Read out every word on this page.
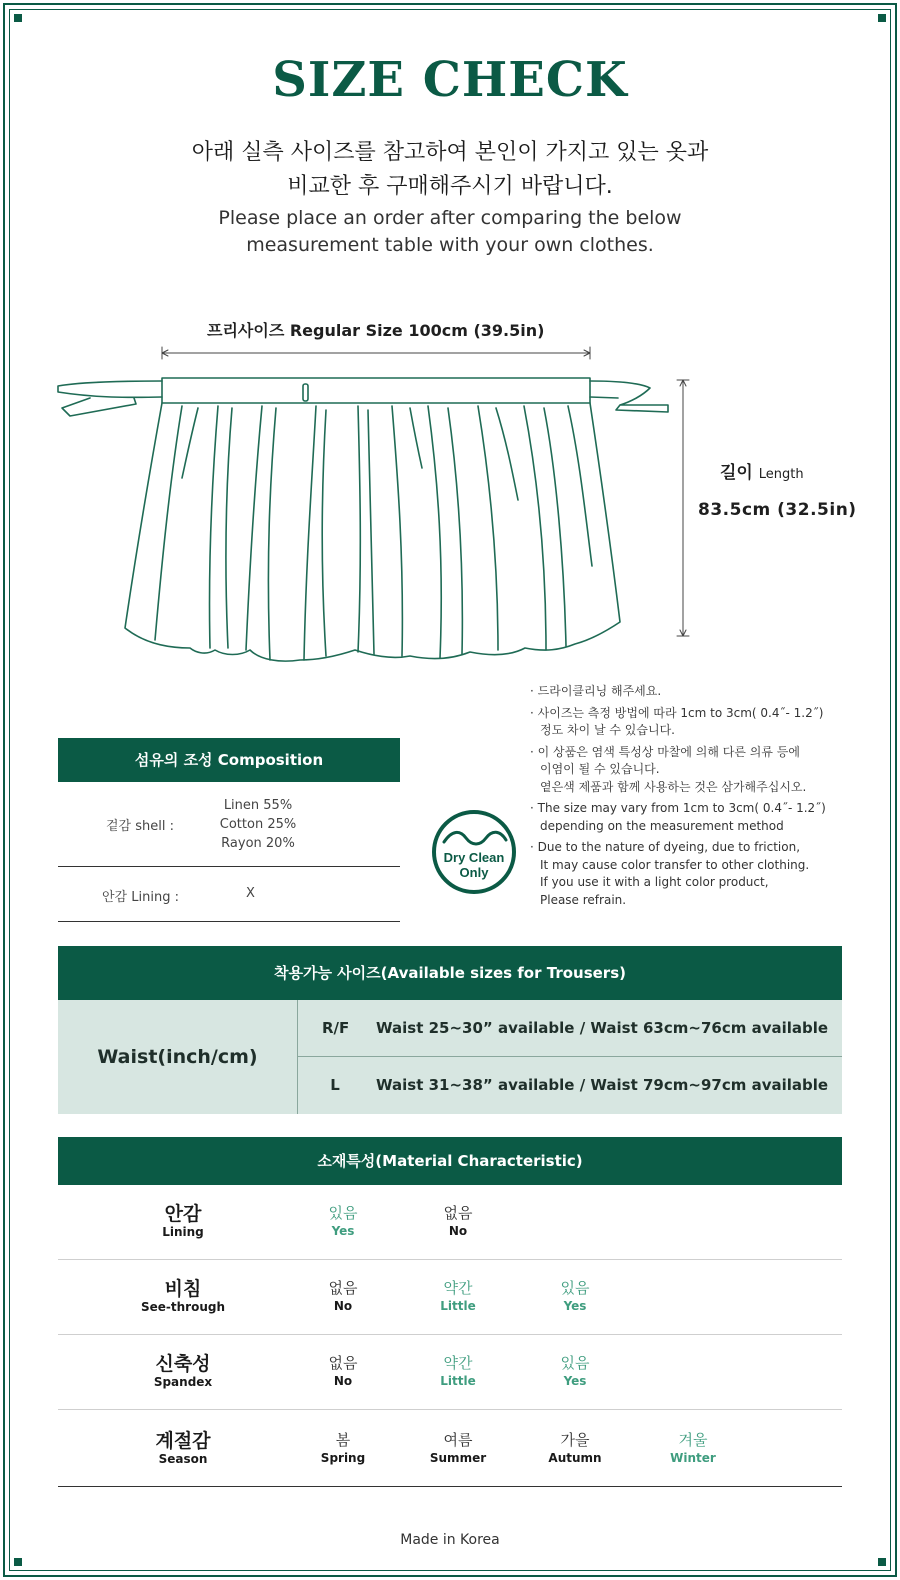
SIZE CHECK
아래 실측 사이즈를 참고하여 본인이 가지고 있는 옷과
비교한 후 구매해주시기 바랍니다.
Please place an order after comparing the below
measurement table with your own clothes.
프리사이즈 Regular Size 100cm (39.5in)
길이 Length
83.5cm (32.5in)
· 드라이클리닝 해주세요.
· 사이즈는 측정 방법에 따라 1cm to 3cm( 0.4˝- 1.2˝)
정도 차이 날 수 있습니다.
· 이 상품은 염색 특성상 마찰에 의해 다른 의류 등에
이염이 될 수 있습니다.
옅은색 제품과 함께 사용하는 것은 삼가해주십시오.
· The size may vary from 1cm to 3cm( 0.4˝- 1.2˝)
depending on the measurement method
· Due to the nature of dyeing, due to friction,
It may cause color transfer to other clothing.
If you use it with a light color product,
Please refrain.
섬유의 조성 Composition
겉감 shell :
Linen 55%
Cotton 25%
Rayon 20%
안감 Lining :	X
Dry Clean
Only
착용가능 사이즈(Available sizes for Trousers)
Waist(inch/cm)
R/F Waist 25~30” available / Waist 63cm~76cm available
L	Waist 31~38” available / Waist 79cm~97cm available
소재특성(Material Characteristic)
안감
Lining
있음
Yes
없음
No
비침
See-through
없음
No
약간
Little
있음
Yes
신축성
Spandex
없음
No
약간
Little
있음
Yes
계절감
Season
봄
Spring
여름
Summer
가을
Autumn
겨울
Winter
Made in Korea
